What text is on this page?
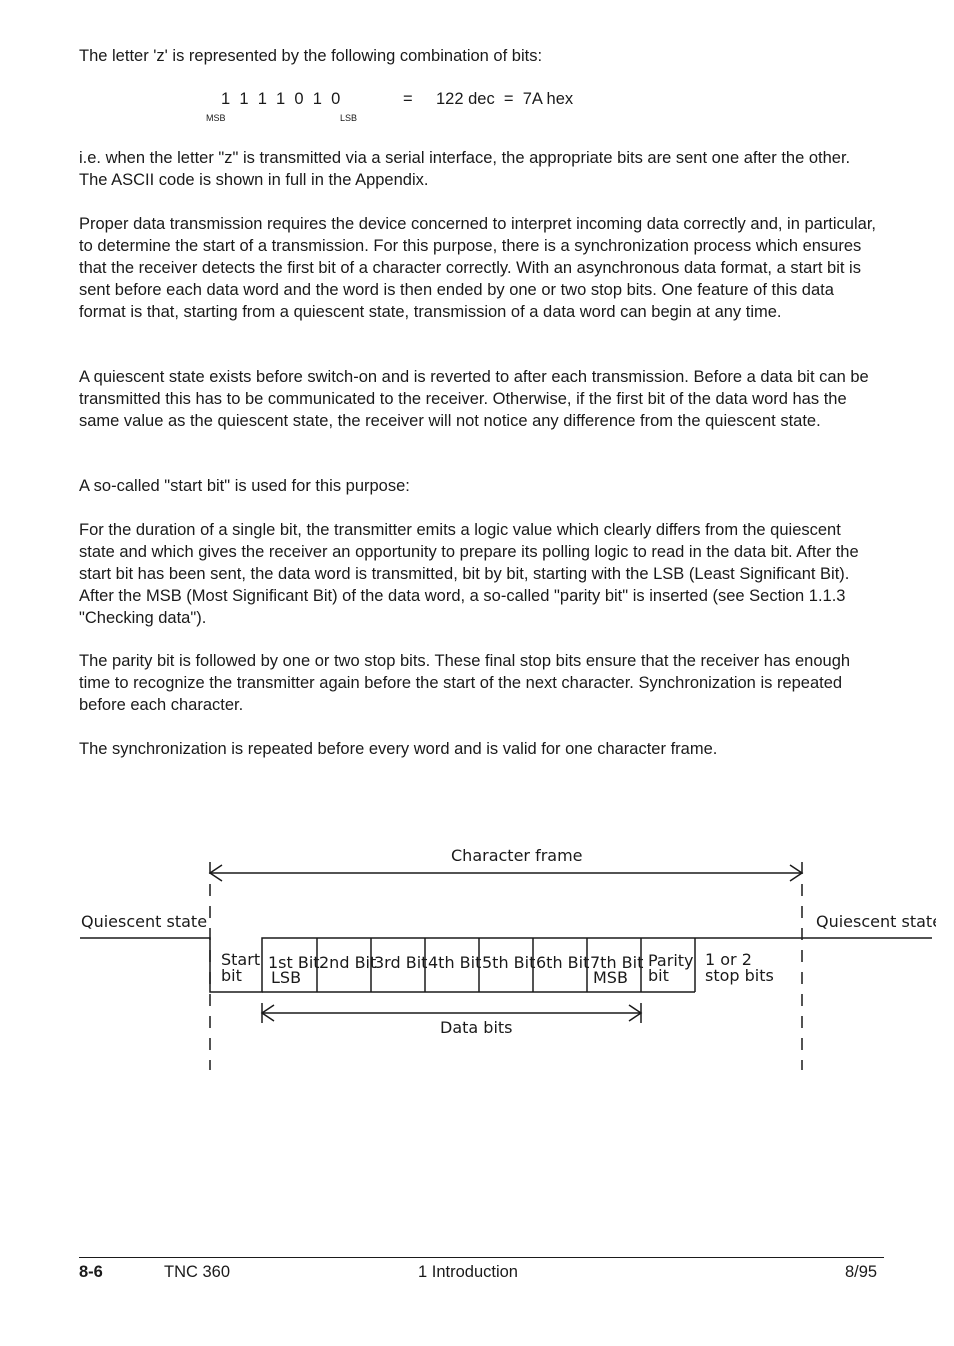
The letter 'z' is represented by the following combination of bits:

1  1  1  1  0  1  0
MSB	LSB
= 122 dec  =  7A hex

i.e. when the letter "z" is transmitted via a serial interface, the appropriate bits are sent one after the other. The ASCII code is shown in full in the Appendix.

Proper data transmission requires the device concerned to interpret incoming data correctly and, in particular, to determine the start of a transmission. For this purpose, there is a synchronization process which ensures that the receiver detects the first bit of a character correctly. With an asynchronous data format, a start bit is sent before each data word and the word is then ended by one or two stop bits. One feature of this data format is that, starting from a quiescent state, transmission of a data word can begin at any time.

A quiescent state exists before switch-on and is reverted to after each transmission. Before a data bit can be transmitted this has to be communicated to the receiver. Otherwise, if the first bit of the data word has the same value as the quiescent state, the receiver will not notice any difference from the quiescent state.

A so-called "start bit" is used for this purpose:

For the duration of a single bit, the transmitter emits a logic value which clearly differs from the quiescent state and which gives the receiver an opportunity to prepare its polling logic to read in the data bit. After the start bit has been sent, the data word is transmitted, bit by bit, starting with the LSB (Least Significant Bit). After the MSB (Most Significant Bit) of the data word, a so-called "parity bit" is inserted (see Section 1.1.3 "Checking data").

The parity bit is followed by one or two stop bits. These final stop bits ensure that the receiver has enough time to recognize the transmitter again before the start of the next character. Synchronization is repeated before each character.

The synchronization is repeated before every word and is valid for one character frame.

Character frame
Quiescent state	Quiescent state
Start
bit
1st Bit
LSB
2nd Bit
3rd Bit 4th Bit 5th Bit 6th Bit 7th Bit
MSB
Parity
bit
1 or 2
stop bits
Data bits
8-6	TNC 360	1 Introduction	8/95
